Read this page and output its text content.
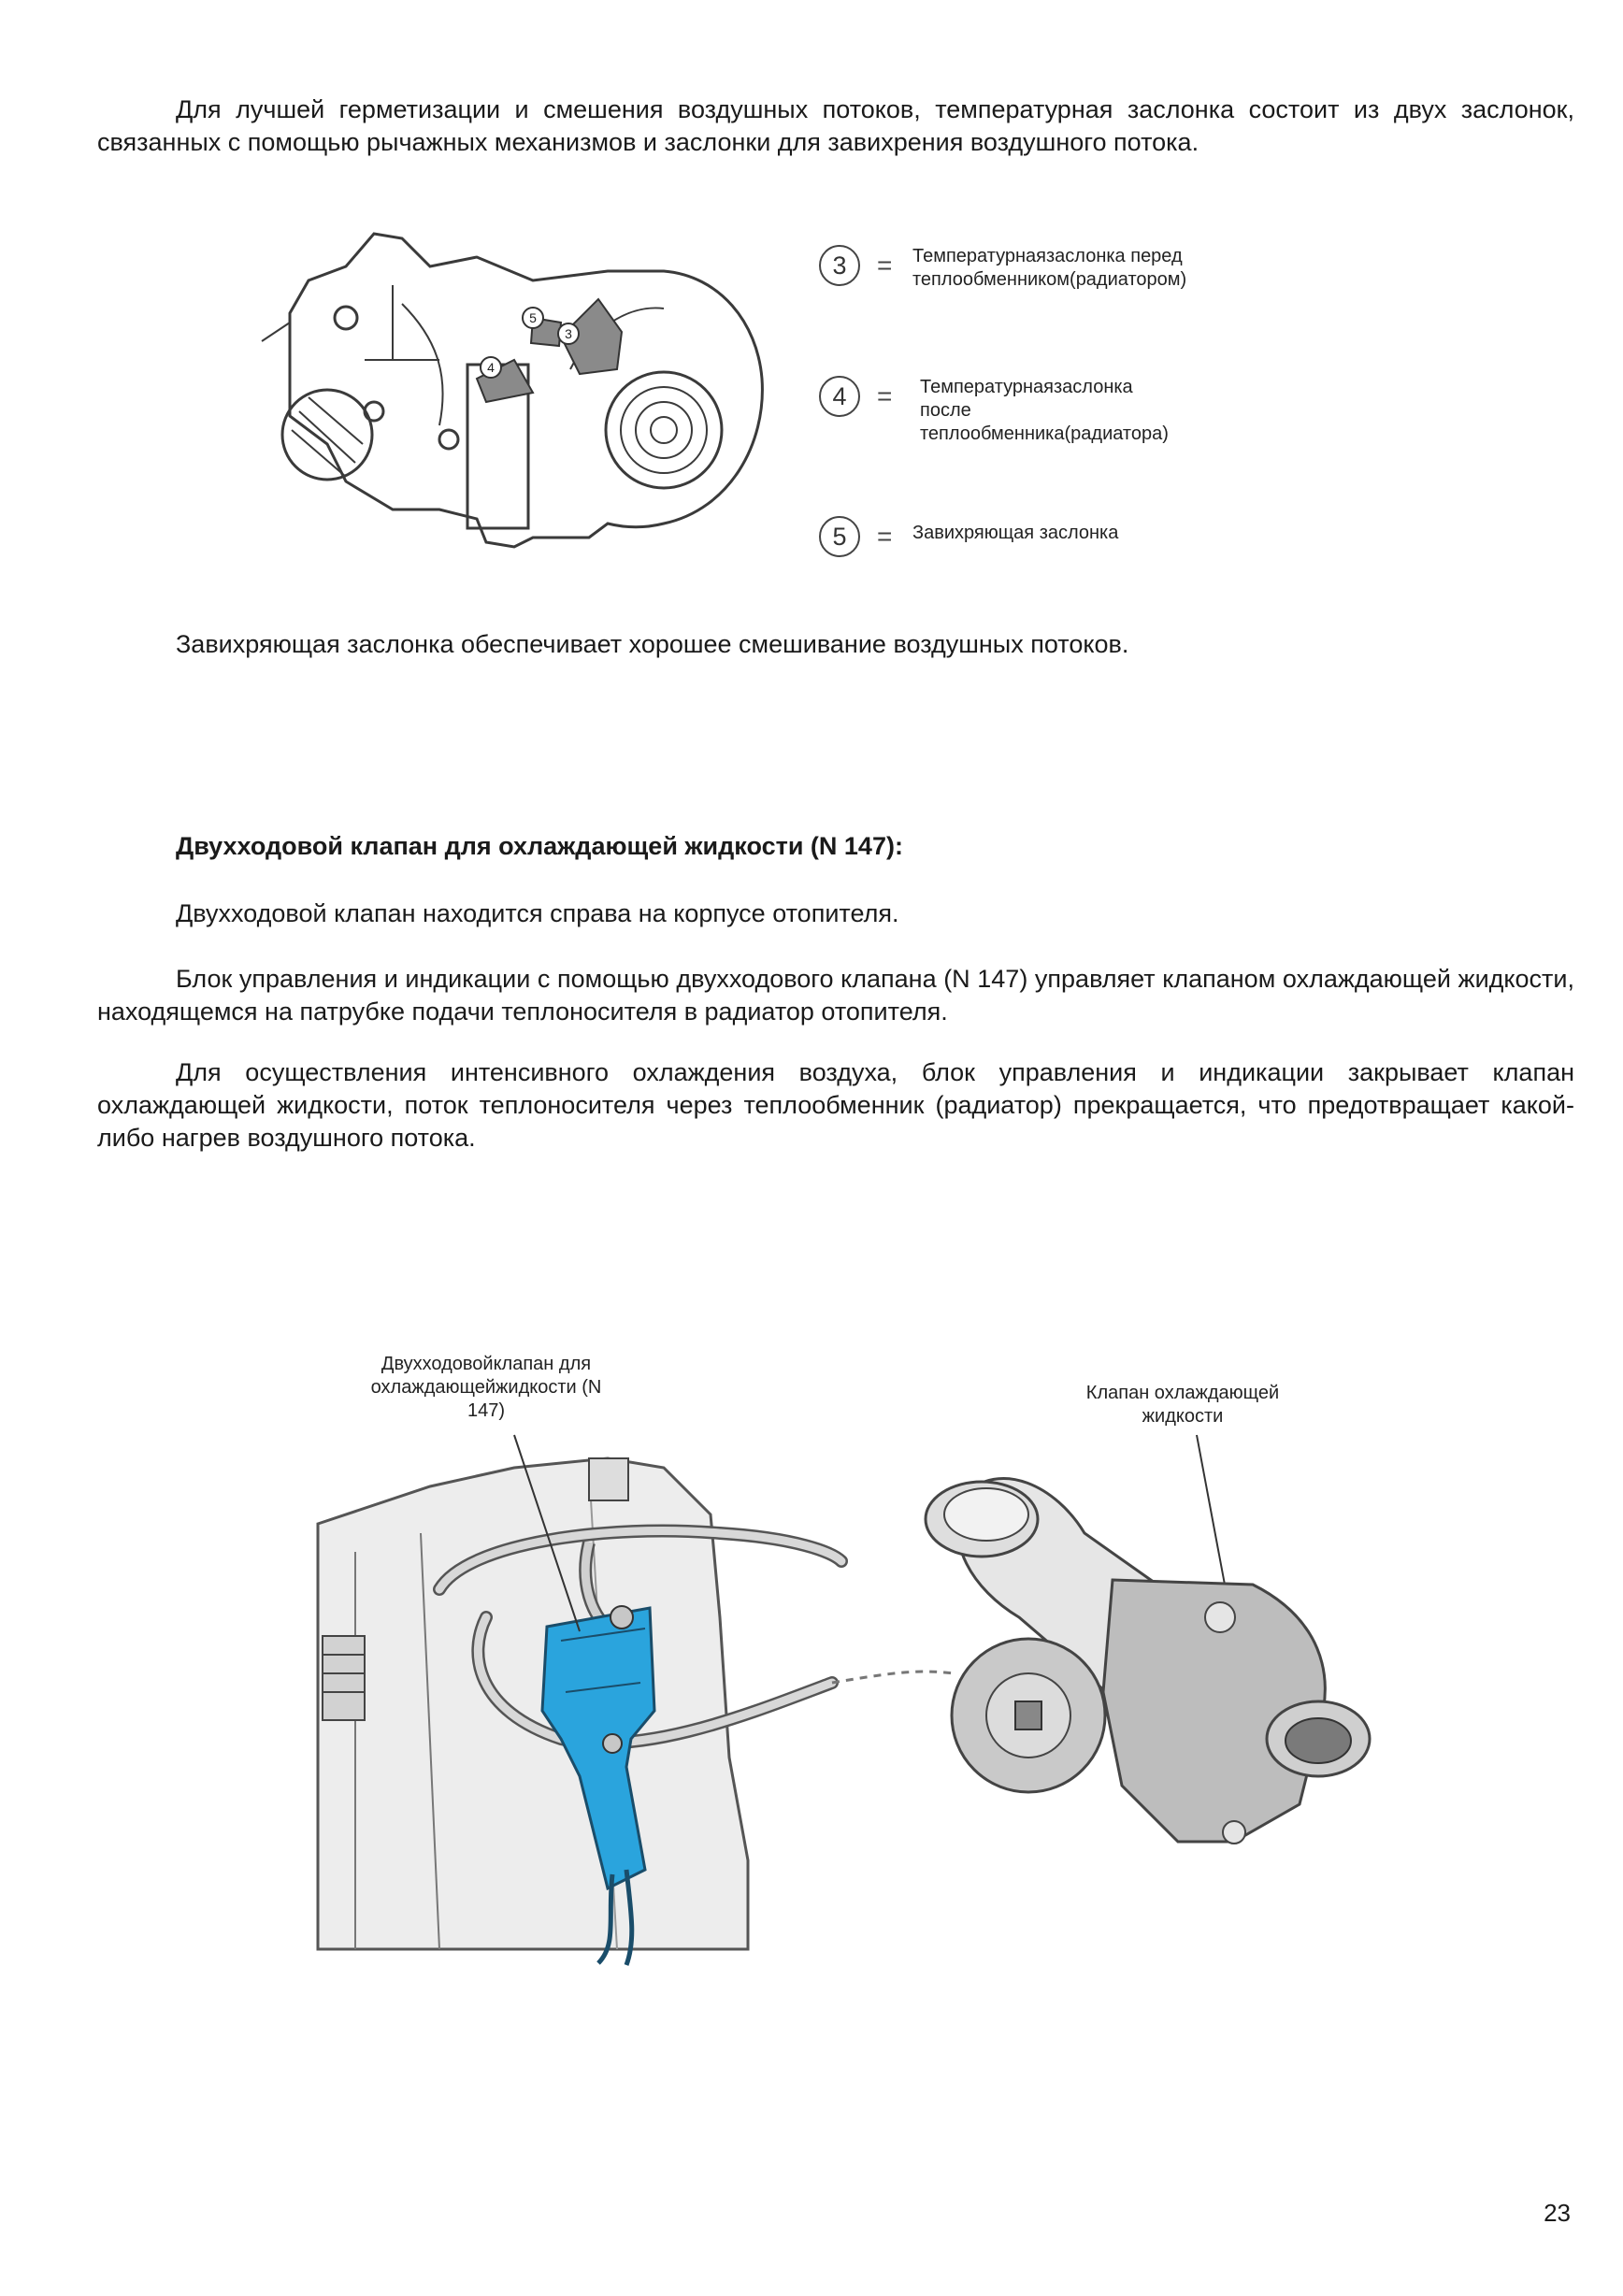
Для лучшей герметизации и смешения воздушных потоков, температурная заслонка состоит из двух заслонок, связанных с помощью рычажных механизмов и заслонки для завихрения воздушного потока.

5
4
3
3	= Температурнаязаслонка перед теплообменником(радиатором)
4	= Температурнаязаслонка после теплообменника(радиатора)
5	= Завихряющая заслонка

Завихряющая заслонка обеспечивает хорошее смешивание воздушных потоков.

Двухходовой клапан для охлаждающей жидкости (N 147):

Двухходовой клапан находится справа на корпусе отопителя.

Блок управления и индикации с помощью двухходового клапана (N 147) управляет клапаном охлаждающей жидкости, находящемся на патрубке подачи теплоносителя в радиатор отопителя.

Для осуществления интенсивного охлаждения воздуха, блок управления и индикации закрывает клапан охлаждающей жидкости, поток теплоносителя через теплообменник (радиатор) прекращается, что предотвращает какой-либо нагрев воздушного потока.

Двухходовойклапан для охлаждающейжидкости (N 147)
Клапан охлаждающей жидкости
23
